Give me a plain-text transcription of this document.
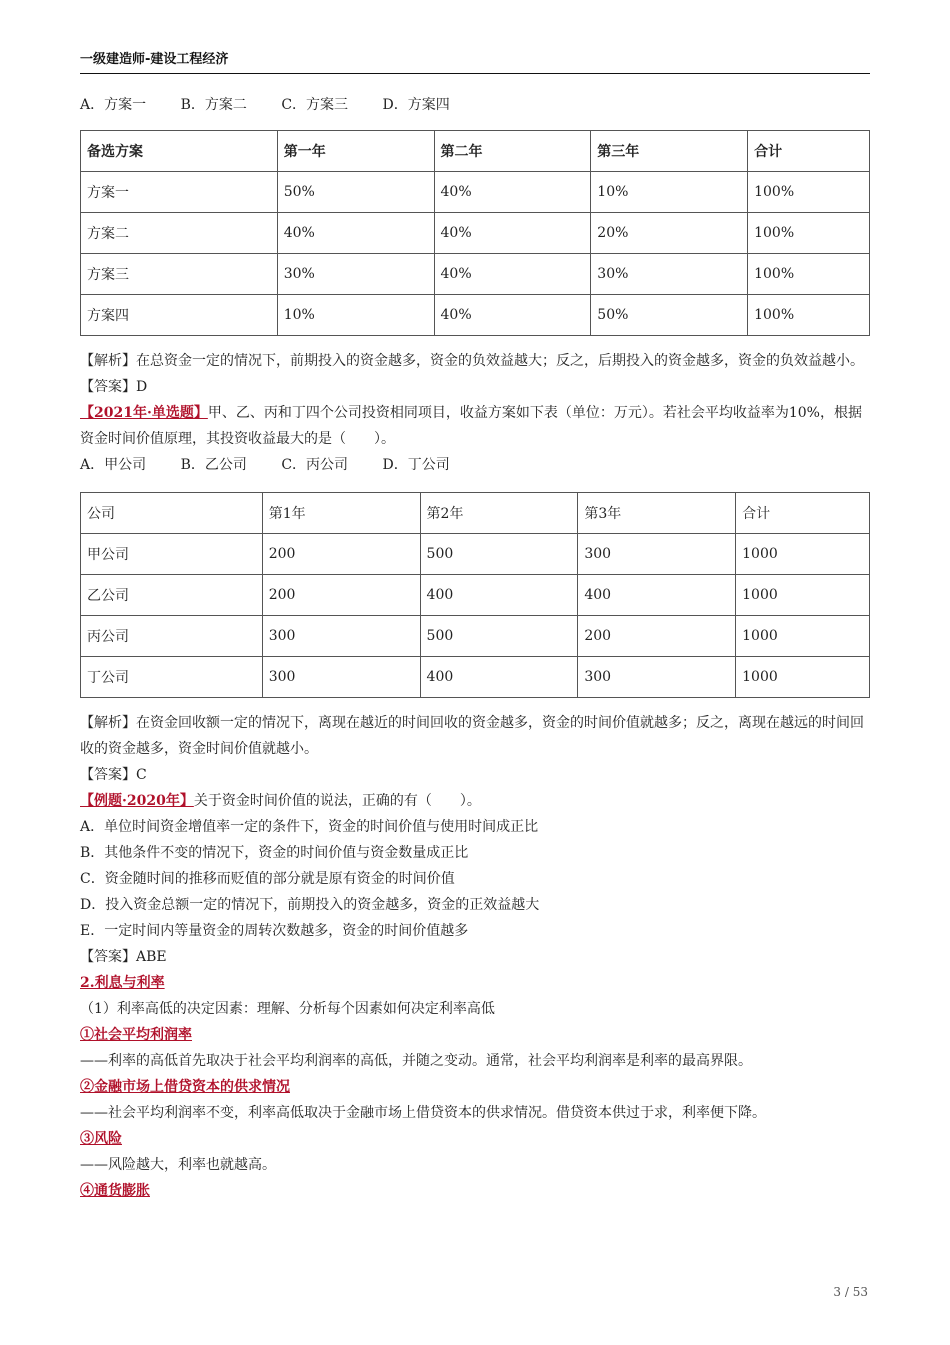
一级建造师-建设工程经济

A．方案一 B．方案二 C．方案三 D．方案四

备选方案	第一年	第二年	第三年	合计
方案一	50%	40%	10%	100%
方案二	40%	40%	20%	100%
方案三	30%	40%	30%	100%
方案四	10%	40%	50%	100%

【解析】在总资金一定的情况下，前期投入的资金越多，资金的负效益越大；反之，后期投入的资金越多，资金的负效益越小。

【答案】D

【2021年·单选题】甲、乙、丙和丁四个公司投资相同项目，收益方案如下表（单位：万元）。若社会平均收益率为10%，根据资金时间价值原理，其投资收益最大的是（　　）。

A．甲公司 B．乙公司 C．丙公司 D．丁公司

公司	第1年	第2年	第3年	合计
甲公司	200	500	300	1000
乙公司	200	400	400	1000
丙公司	300	500	200	1000
丁公司	300	400	300	1000

【解析】在资金回收额一定的情况下，离现在越近的时间回收的资金越多，资金的时间价值就越多；反之，离现在越远的时间回收的资金越多，资金时间价值就越小。

【答案】C

【例题·2020年】关于资金时间价值的说法，正确的有（　　）。

A．单位时间资金增值率一定的条件下，资金的时间价值与使用时间成正比

B．其他条件不变的情况下，资金的时间价值与资金数量成正比

C．资金随时间的推移而贬值的部分就是原有资金的时间价值

D．投入资金总额一定的情况下，前期投入的资金越多，资金的正效益越大

E．一定时间内等量资金的周转次数越多，资金的时间价值越多

【答案】ABE

2.利息与利率

（1）利率高低的决定因素：理解、分析每个因素如何决定利率高低

①社会平均利润率

——利率的高低首先取决于社会平均利润率的高低，并随之变动。通常，社会平均利润率是利率的最高界限。

②金融市场上借贷资本的供求情况

——社会平均利润率不变，利率高低取决于金融市场上借贷资本的供求情况。借贷资本供过于求，利率便下降。

③风险

——风险越大，利率也就越高。

④通货膨胀

3 / 53
